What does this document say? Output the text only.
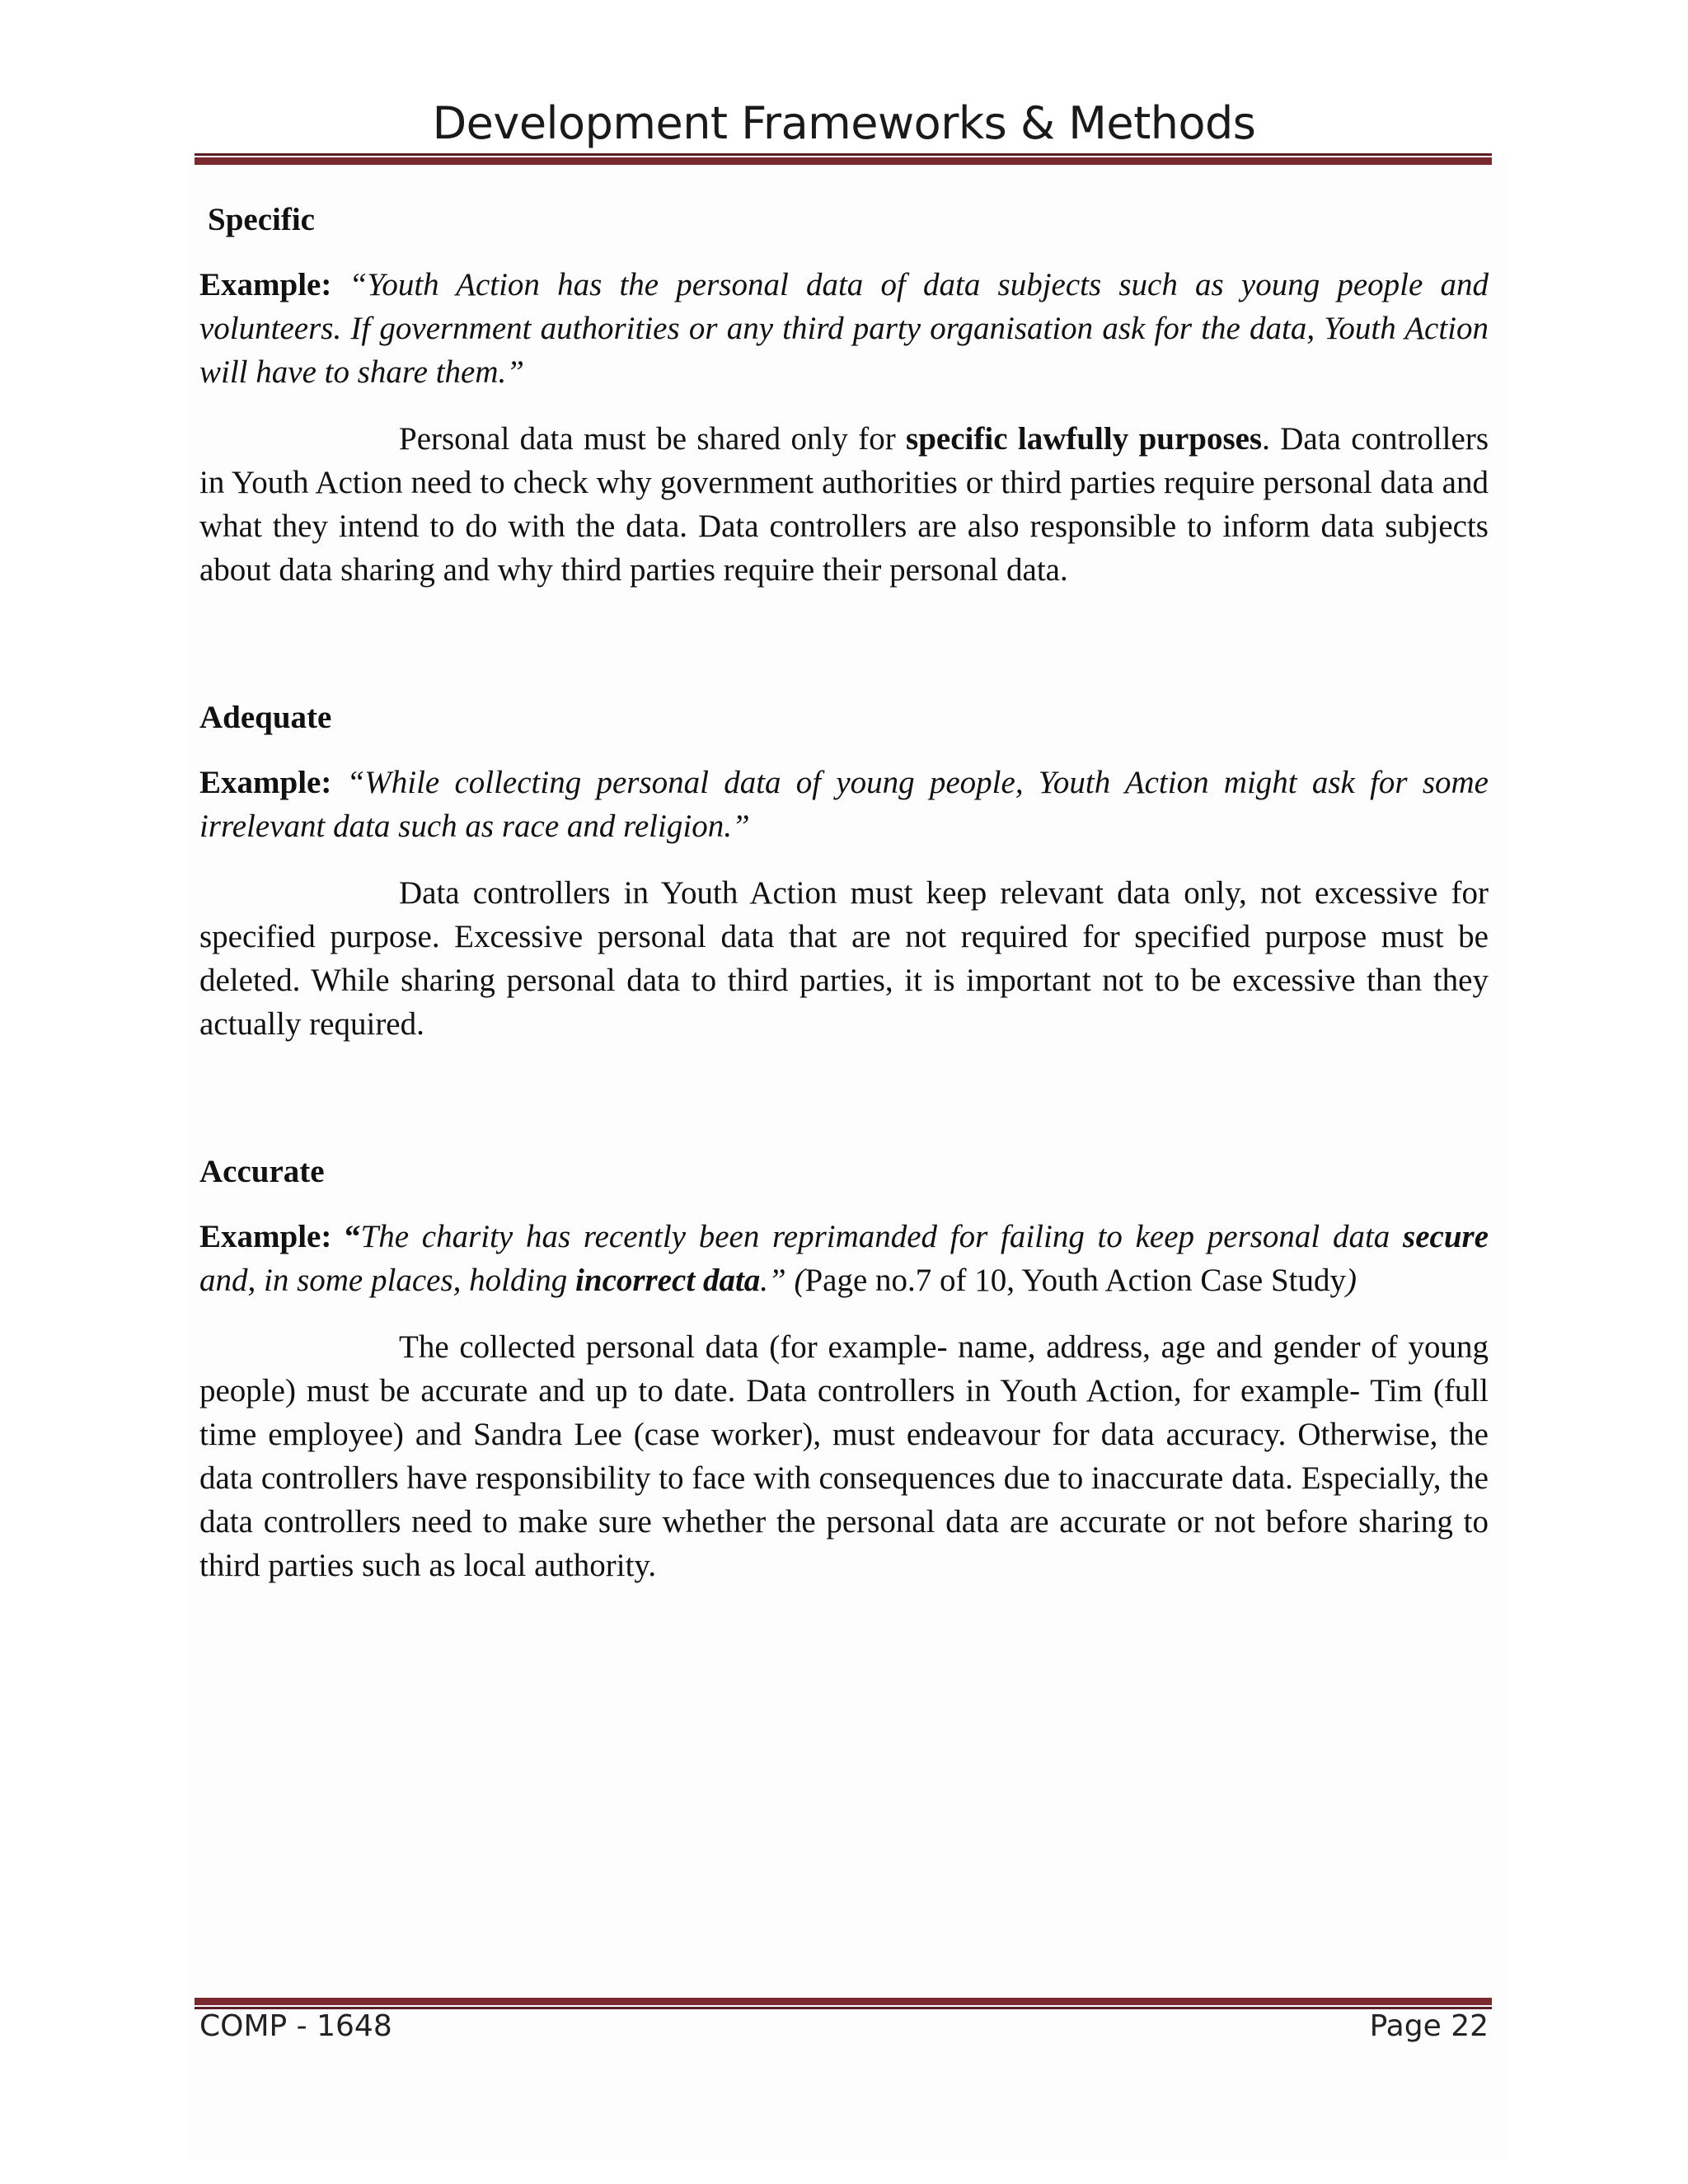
Development Frameworks & Methods

Specific

Example: “Youth Action has the personal data of data subjects such as young people and volunteers. If government authorities or any third party organisation ask for the data, Youth Action will have to share them.”

Personal data must be shared only for specific lawfully purposes. Data controllers in Youth Action need to check why government authorities or third parties require personal data and what they intend to do with the data. Data controllers are also responsible to inform data subjects about data sharing and why third parties require their personal data.

Adequate

Example: “While collecting personal data of young people, Youth Action might ask for some irrelevant data such as race and religion.”

Data controllers in Youth Action must keep relevant data only, not excessive for specified purpose. Excessive personal data that are not required for specified purpose must be deleted. While sharing personal data to third parties, it is important not to be excessive than they actually required.

Accurate

Example: “The charity has recently been reprimanded for failing to keep personal data secure and, in some places, holding incorrect data.” (Page no.7 of 10, Youth Action Case Study)

The collected personal data (for example- name, address, age and gender of young people) must be accurate and up to date. Data controllers in Youth Action, for example- Tim (full time employee) and Sandra Lee (case worker), must endeavour for data accuracy. Otherwise, the data controllers have responsibility to face with consequences due to inaccurate data. Especially, the data controllers need to make sure whether the personal data are accurate or not before sharing to third parties such as local authority.

COMP - 1648	Page 22
